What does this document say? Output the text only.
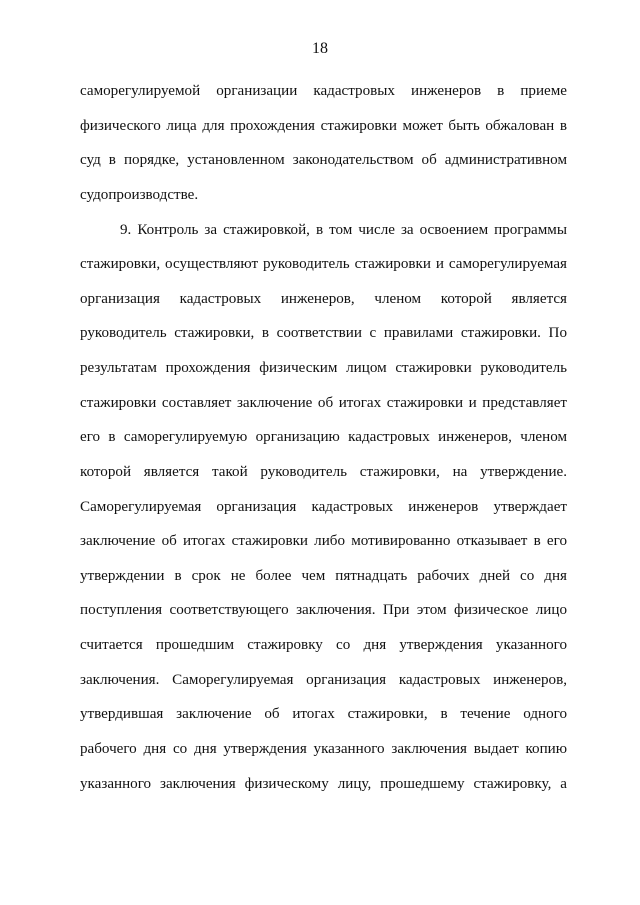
18
саморегулируемой организации кадастровых инженеров в приеме
физического лица для прохождения стажировки может быть обжалован в
суд в порядке, установленном законодательством об административном
судопроизводстве.
9. Контроль за стажировкой, в том числе за освоением программы
стажировки, осуществляют руководитель стажировки и саморегулируемая
организация кадастровых инженеров, членом которой является
руководитель стажировки, в соответствии с правилами стажировки. По
результатам прохождения физическим лицом стажировки руководитель
стажировки составляет заключение об итогах стажировки и представляет
его в саморегулируемую организацию кадастровых инженеров, членом
которой является такой руководитель стажировки, на утверждение.
Саморегулируемая организация кадастровых инженеров утверждает
заключение об итогах стажировки либо мотивированно отказывает в его
утверждении в срок не более чем пятнадцать рабочих дней со дня
поступления соответствующего заключения. При этом физическое лицо
считается прошедшим стажировку со дня утверждения указанного
заключения. Саморегулируемая организация кадастровых инженеров,
утвердившая заключение об итогах стажировки, в течение одного
рабочего дня со дня утверждения указанного заключения выдает копию
указанного заключения физическому лицу, прошедшему стажировку, а
